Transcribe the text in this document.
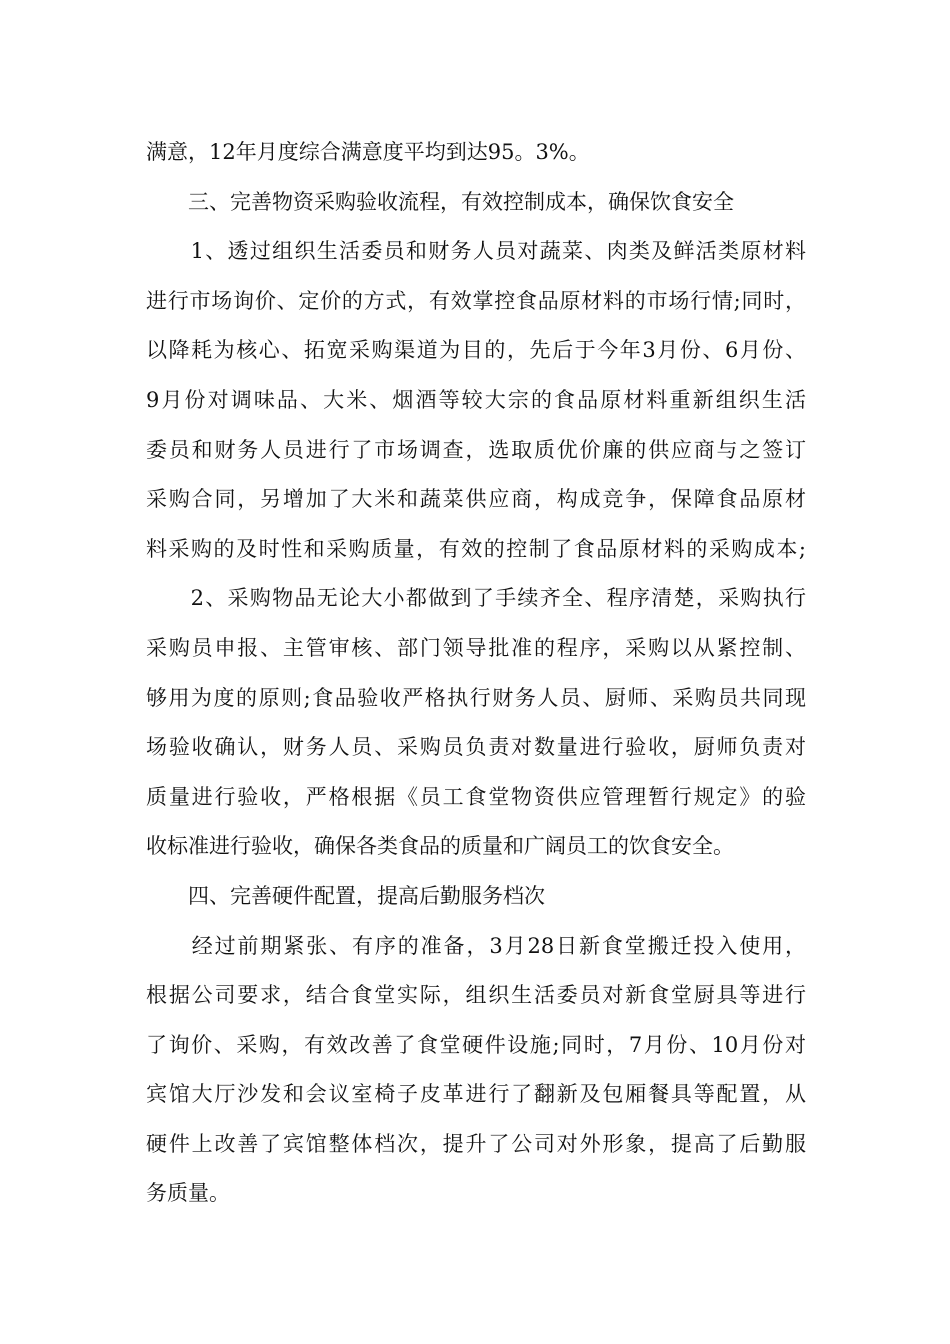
满意，12年月度综合满意度平均到达95。3%。
　　三、完善物资采购验收流程，有效控制成本，确保饮食安全
　　1、透过组织生活委员和财务人员对蔬菜、肉类及鲜活类原材料
进行市场询价、定价的方式，有效掌控食品原材料的市场行情;同时，
以降耗为核心、拓宽采购渠道为目的，先后于今年3月份、6月份、
9月份对调味品、大米、烟酒等较大宗的食品原材料重新组织生活
委员和财务人员进行了市场调查，选取质优价廉的供应商与之签订
采购合同，另增加了大米和蔬菜供应商，构成竞争，保障食品原材
料采购的及时性和采购质量，有效的控制了食品原材料的采购成本;
　　2、采购物品无论大小都做到了手续齐全、程序清楚，采购执行
采购员申报、主管审核、部门领导批准的程序，采购以从紧控制、
够用为度的原则;食品验收严格执行财务人员、厨师、采购员共同现
场验收确认，财务人员、采购员负责对数量进行验收，厨师负责对
质量进行验收，严格根据《员工食堂物资供应管理暂行规定》的验
收标准进行验收，确保各类食品的质量和广阔员工的饮食安全。
　　四、完善硬件配置，提高后勤服务档次
　　经过前期紧张、有序的准备，3月28日新食堂搬迁投入使用，
根据公司要求，结合食堂实际，组织生活委员对新食堂厨具等进行
了询价、采购，有效改善了食堂硬件设施;同时，7月份、10月份对
宾馆大厅沙发和会议室椅子皮革进行了翻新及包厢餐具等配置，从
硬件上改善了宾馆整体档次，提升了公司对外形象，提高了后勤服
务质量。
